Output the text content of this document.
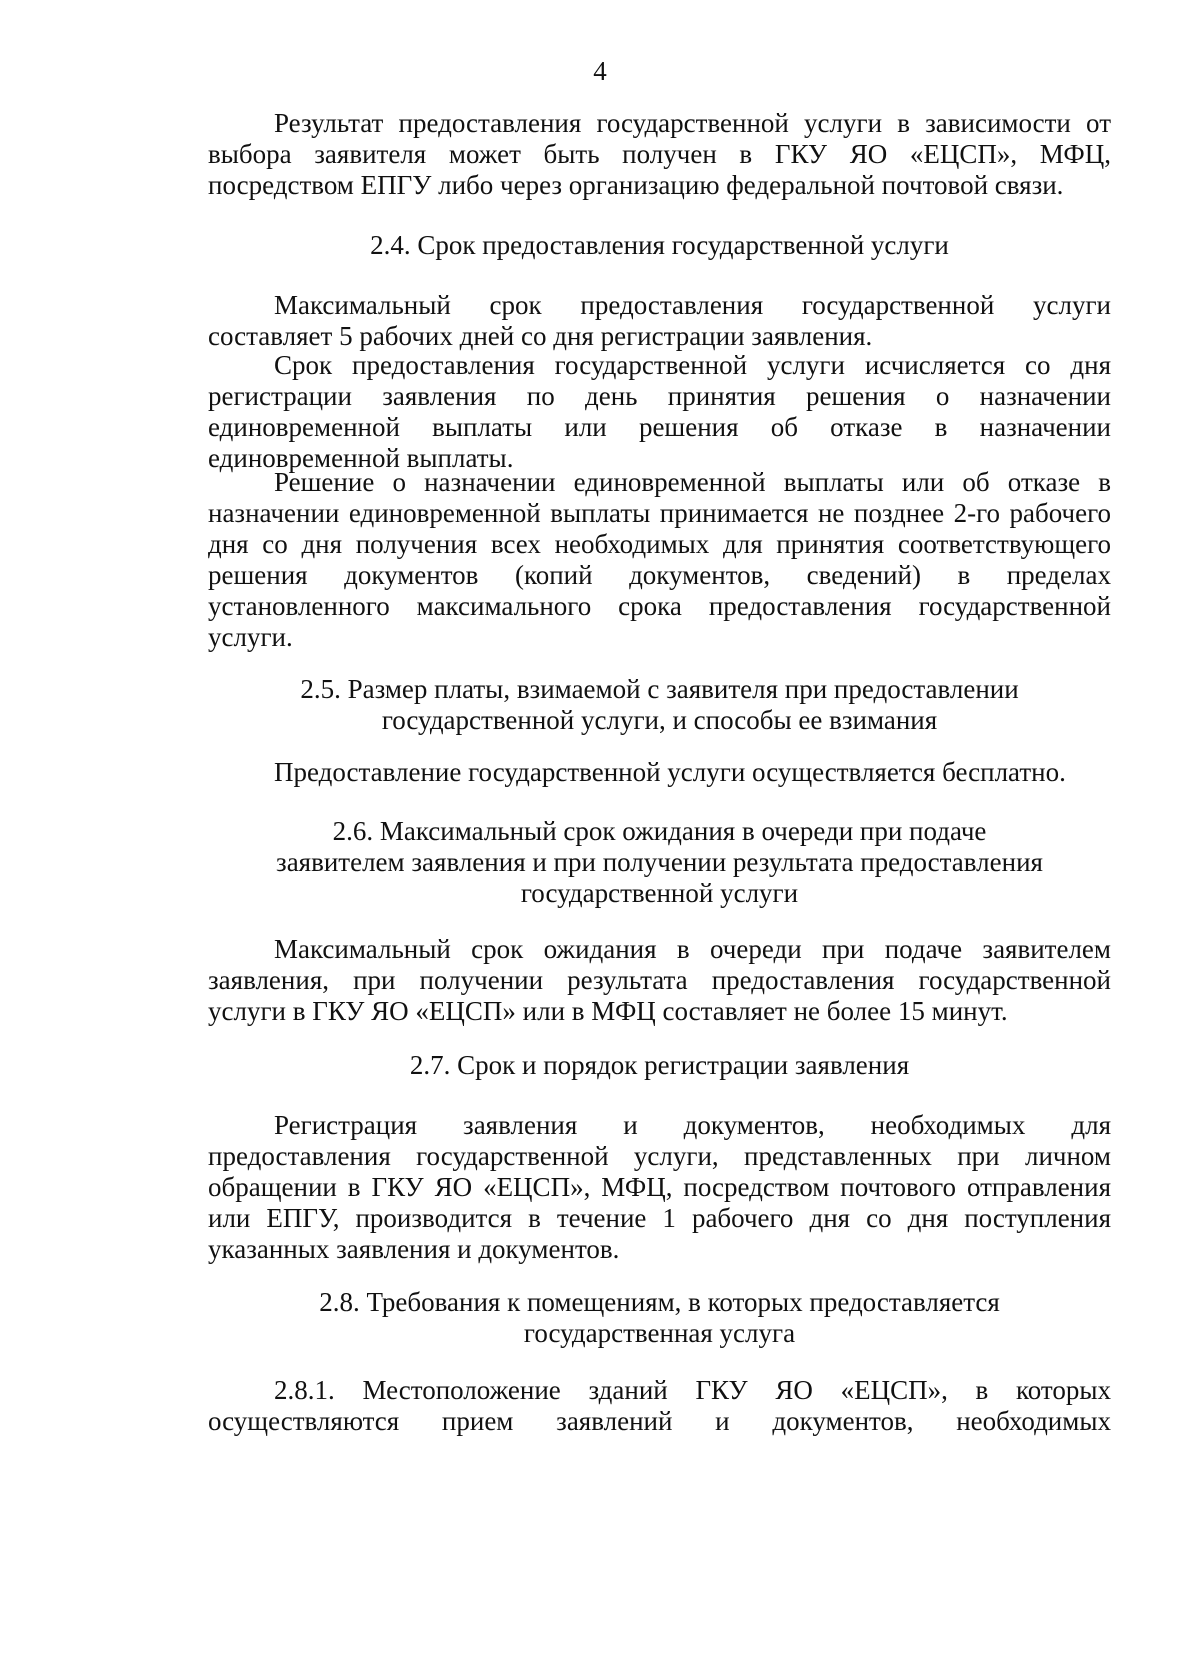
4
Результат предоставления государственной услуги в зависимости от
выбора заявителя может быть получен в ГКУ ЯО «ЕЦСП», МФЦ,
посредством ЕПГУ либо через организацию федеральной почтовой связи.
2.4. Срок предоставления государственной услуги
Максимальный срок предоставления государственной услуги
составляет 5 рабочих дней со дня регистрации заявления.
Срок предоставления государственной услуги исчисляется со дня
регистрации заявления по день принятия решения о назначении
единовременной выплаты или решения об отказе в назначении
единовременной выплаты.
Решение о назначении единовременной выплаты или об отказе в
назначении единовременной выплаты принимается не позднее 2-го рабочего
дня со дня получения всех необходимых для принятия соответствующего
решения документов (копий документов, сведений) в пределах
установленного максимального срока предоставления государственной
услуги.
2.5. Размер платы, взимаемой с заявителя при предоставлении
государственной услуги, и способы ее взимания
Предоставление государственной услуги осуществляется бесплатно.
2.6. Максимальный срок ожидания в очереди при подаче
заявителем заявления и при получении результата предоставления
государственной услуги
Максимальный срок ожидания в очереди при подаче заявителем
заявления, при получении результата предоставления государственной
услуги в ГКУ ЯО «ЕЦСП» или в МФЦ составляет не более 15 минут.
2.7. Срок и порядок регистрации заявления
Регистрация заявления и документов, необходимых для
предоставления государственной услуги, представленных при личном
обращении в ГКУ ЯО «ЕЦСП», МФЦ, посредством почтового отправления
или ЕПГУ, производится в течение 1 рабочего дня со дня поступления
указанных заявления и документов.
2.8. Требования к помещениям, в которых предоставляется
государственная услуга
2.8.1. Местоположение зданий ГКУ ЯО «ЕЦСП», в которых
осуществляются прием заявлений и документов, необходимых
